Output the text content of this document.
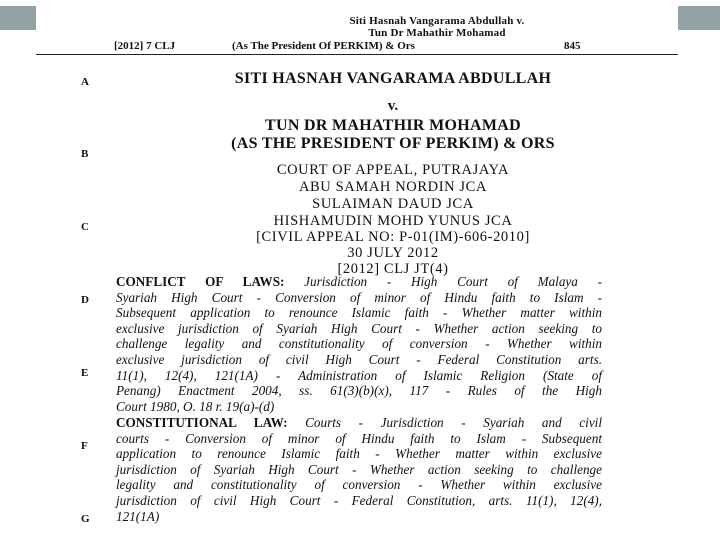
Siti Hasnah Vangarama Abdullah v.
Tun Dr Mahathir Mohamad
[2012] 7 CLJ	(As The President Of PERKIM) & Ors	845
A
B
C
D
E
F
G
SITI HASNAH VANGARAMA ABDULLAH
v.
TUN DR MAHATHIR MOHAMAD
(AS THE PRESIDENT OF PERKIM) & ORS
COURT OF APPEAL, PUTRAJAYA
ABU SAMAH NORDIN JCA
SULAIMAN DAUD JCA
HISHAMUDIN MOHD YUNUS JCA
[CIVIL APPEAL NO: P-01(IM)-606-2010]
30 JULY 2012
[2012] CLJ JT(4)
CONFLICT OF LAWS: Jurisdiction - High Court of Malaya -
Syariah High Court - Conversion of minor of Hindu faith to Islam -
Subsequent application to renounce Islamic faith - Whether matter within
exclusive jurisdiction of Syariah High Court - Whether action seeking to
challenge legality and constitutionality of conversion - Whether within
exclusive jurisdiction of civil High Court - Federal Constitution arts.
11(1), 12(4), 121(1A) - Administration of Islamic Religion (State of
Penang) Enactment 2004, ss. 61(3)(b)(x), 117 - Rules of the High
Court 1980, O. 18 r. 19(a)-(d)
CONSTITUTIONAL LAW: Courts - Jurisdiction - Syariah and civil
courts - Conversion of minor of Hindu faith to Islam - Subsequent
application to renounce Islamic faith - Whether matter within exclusive
jurisdiction of Syariah High Court - Whether action seeking to challenge
legality and constitutionality of conversion - Whether within exclusive
jurisdiction of civil High Court - Federal Constitution, arts. 11(1), 12(4),
121(1A)
